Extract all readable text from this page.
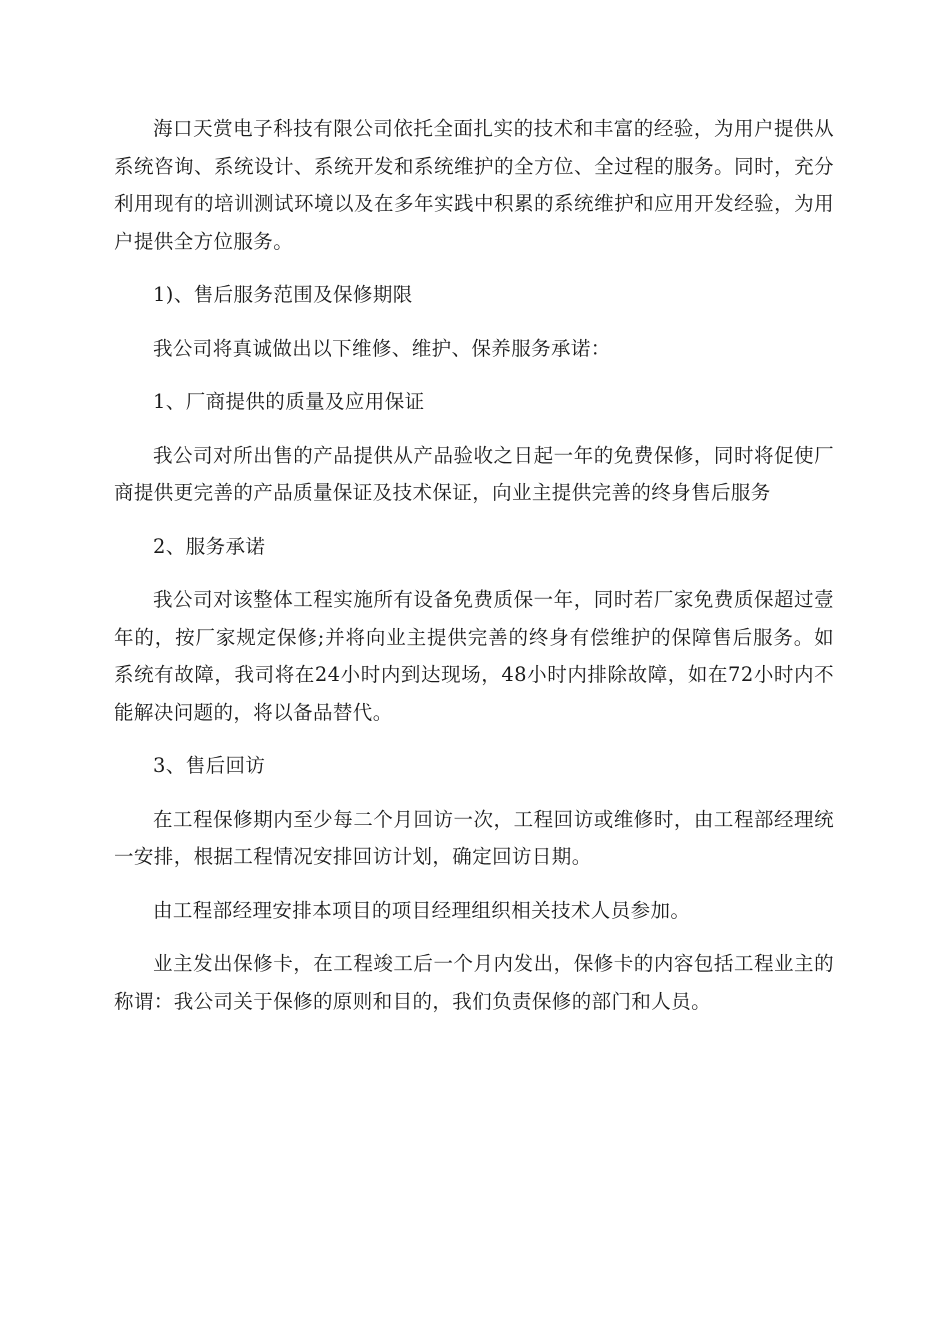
海口天赏电子科技有限公司依托全面扎实的技术和丰富的经验，为用户提供从系统咨询、系统设计、系统开发和系统维护的全方位、全过程的服务。同时，充分利用现有的培训测试环境以及在多年实践中积累的系统维护和应用开发经验，为用户提供全方位服务。

1)、售后服务范围及保修期限

我公司将真诚做出以下维修、维护、保养服务承诺：

1、厂商提供的质量及应用保证

我公司对所出售的产品提供从产品验收之日起一年的免费保修，同时将促使厂商提供更完善的产品质量保证及技术保证，向业主提供完善的终身售后服务

2、服务承诺

我公司对该整体工程实施所有设备免费质保一年，同时若厂家免费质保超过壹年的，按厂家规定保修;并将向业主提供完善的终身有偿维护的保障售后服务。如系统有故障，我司将在24小时内到达现场，48小时内排除故障，如在72小时内不能解决问题的，将以备品替代。

3、售后回访

在工程保修期内至少每二个月回访一次，工程回访或维修时，由工程部经理统一安排，根据工程情况安排回访计划，确定回访日期。

由工程部经理安排本项目的项目经理组织相关技术人员参加。

业主发出保修卡，在工程竣工后一个月内发出，保修卡的内容包括工程业主的称谓：我公司关于保修的原则和目的，我们负责保修的部门和人员。
